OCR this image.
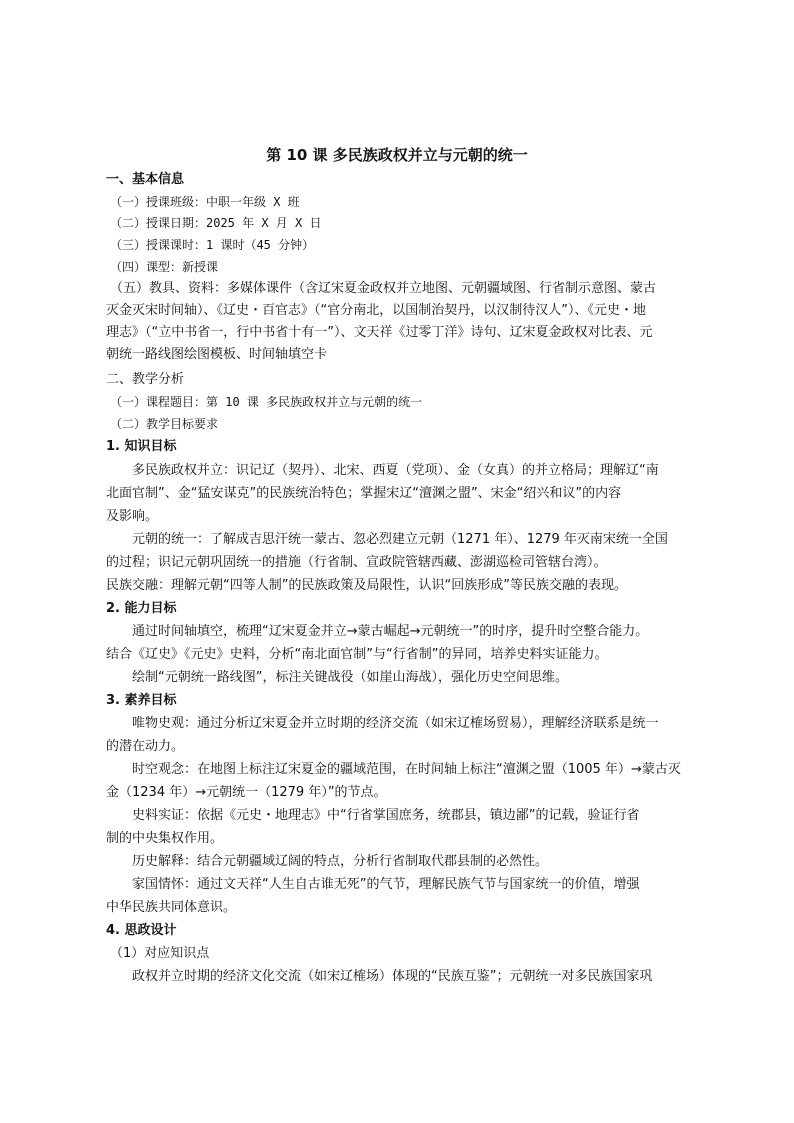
第 10 课 多民族政权并立与元朝的统一
一、基本信息
（一）授课班级：中职一年级 X 班
（二）授课日期：2025 年 X 月 X 日
（三）授课课时：1 课时（45 分钟）
（四）课型：新授课
（五）教具、资料：多媒体课件（含辽宋夏金政权并立地图、元朝疆域图、行省制示意图、蒙古
灭金灭宋时间轴）、《辽史・百官志》（“官分南北，以国制治契丹，以汉制待汉人”）、《元史・地
理志》（“立中书省一，行中书省十有一”）、文天祥《过零丁洋》诗句、辽宋夏金政权对比表、元
朝统一路线图绘图模板、时间轴填空卡
二、教学分析
（一）课程题目：第 10 课 多民族政权并立与元朝的统一
（二）教学目标要求
1. 知识目标
多民族政权并立：识记辽（契丹）、北宋、西夏（党项）、金（女真）的并立格局；理解辽“南
北面官制”、金“猛安谋克”的民族统治特色；掌握宋辽“澶渊之盟”、宋金“绍兴和议”的内容
及影响。
元朝的统一：了解成吉思汗统一蒙古、忽必烈建立元朝（1271 年）、1279 年灭南宋统一全国
的过程；识记元朝巩固统一的措施（行省制、宣政院管辖西藏、澎湖巡检司管辖台湾）。
民族交融：理解元朝“四等人制”的民族政策及局限性，认识“回族形成”等民族交融的表现。
2. 能力目标
通过时间轴填空，梳理“辽宋夏金并立→蒙古崛起→元朝统一”的时序，提升时空整合能力。
结合《辽史》《元史》史料，分析“南北面官制”与“行省制”的异同，培养史料实证能力。
绘制“元朝统一路线图”，标注关键战役（如崖山海战），强化历史空间思维。
3. 素养目标
唯物史观：通过分析辽宋夏金并立时期的经济交流（如宋辽榷场贸易），理解经济联系是统一
的潜在动力。
时空观念：在地图上标注辽宋夏金的疆域范围，在时间轴上标注“澶渊之盟（1005 年）→蒙古灭
金（1234 年）→元朝统一（1279 年）”的节点。
史料实证：依据《元史・地理志》中“行省掌国庶务，统郡县，镇边鄙”的记载，验证行省
制的中央集权作用。
历史解释：结合元朝疆域辽阔的特点，分析行省制取代郡县制的必然性。
家国情怀：通过文天祥“人生自古谁无死”的气节，理解民族气节与国家统一的价值，增强
中华民族共同体意识。
4. 思政设计
（1）对应知识点
政权并立时期的经济文化交流（如宋辽榷场）体现的“民族互鉴”；元朝统一对多民族国家巩
